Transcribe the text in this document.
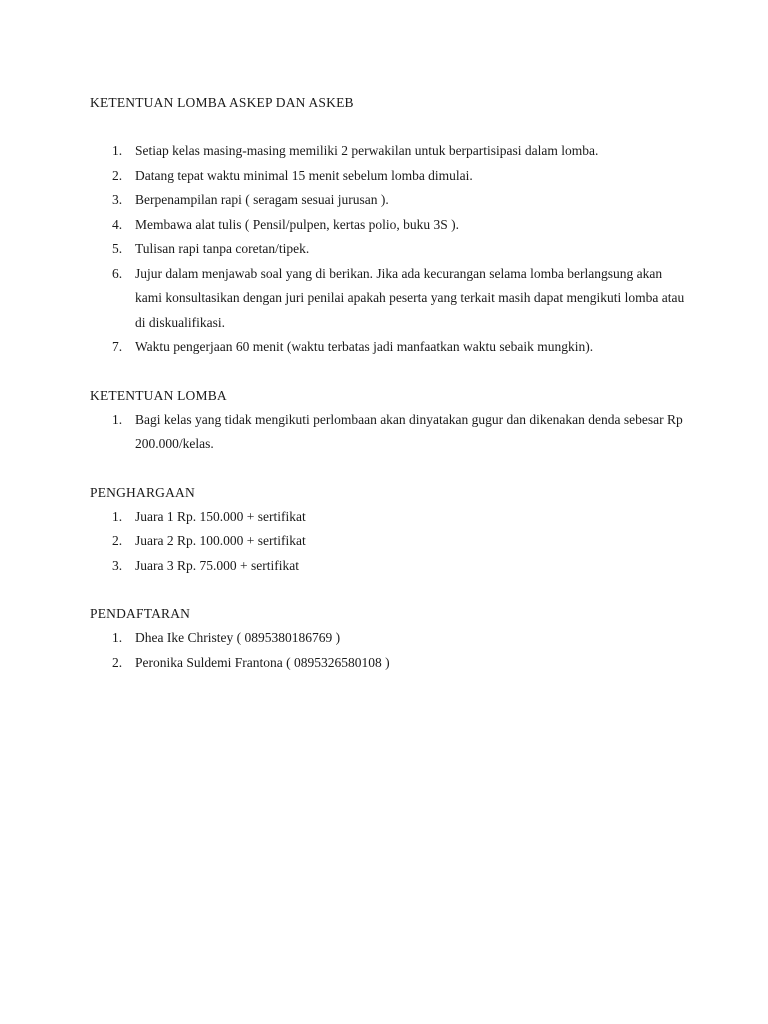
KETENTUAN LOMBA ASKEP DAN ASKEB
1. Setiap kelas masing-masing memiliki 2 perwakilan untuk berpartisipasi dalam lomba.
2. Datang tepat waktu minimal 15 menit sebelum lomba dimulai.
3. Berpenampilan rapi ( seragam sesuai jurusan ).
4. Membawa alat tulis ( Pensil/pulpen, kertas polio, buku 3S ).
5. Tulisan rapi tanpa coretan/tipek.
6. Jujur dalam menjawab soal yang di berikan. Jika ada kecurangan selama lomba berlangsung akan kami konsultasikan dengan juri penilai apakah peserta yang terkait masih dapat mengikuti lomba atau di diskualifikasi.
7. Waktu pengerjaan 60 menit (waktu terbatas jadi manfaatkan waktu sebaik mungkin).
KETENTUAN LOMBA
1. Bagi kelas yang tidak mengikuti perlombaan akan dinyatakan gugur dan dikenakan denda sebesar Rp 200.000/kelas.
PENGHARGAAN
1. Juara 1 Rp. 150.000 + sertifikat
2. Juara 2 Rp. 100.000 + sertifikat
3. Juara 3 Rp. 75.000 + sertifikat
PENDAFTARAN
1. Dhea Ike Christey ( 0895380186769 )
2. Peronika Suldemi Frantona ( 0895326580108 )
